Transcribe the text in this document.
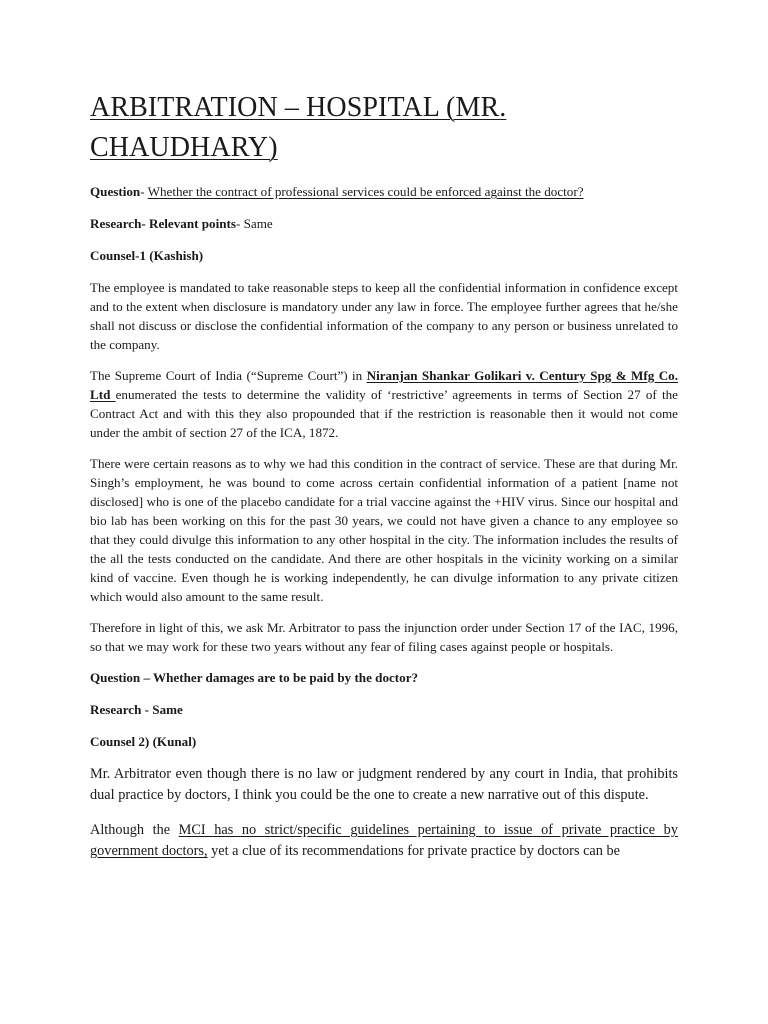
ARBITRATION – HOSPITAL (MR. CHAUDHARY)

Question- Whether the contract of professional services could be enforced against the doctor?

Research- Relevant points- Same

Counsel-1 (Kashish)

The employee is mandated to take reasonable steps to keep all the confidential information in confidence except and to the extent when disclosure is mandatory under any law in force. The employee further agrees that he/she shall not discuss or disclose the confidential information of the company to any person or business unrelated to the company.

The Supreme Court of India (“Supreme Court”) in Niranjan Shankar Golikari v. Century Spg & Mfg Co. Ltd enumerated the tests to determine the validity of ‘restrictive’ agreements in terms of Section 27 of the Contract Act and with this they also propounded that if the restriction is reasonable then it would not come under the ambit of section 27 of the ICA, 1872.

There were certain reasons as to why we had this condition in the contract of service. These are that during Mr. Singh’s employment, he was bound to come across certain confidential information of a patient [name not disclosed] who is one of the placebo candidate for a trial vaccine against the +HIV virus. Since our hospital and bio lab has been working on this for the past 30 years, we could not have given a chance to any employee so that they could divulge this information to any other hospital in the city. The information includes the results of the all the tests conducted on the candidate. And there are other hospitals in the vicinity working on a similar kind of vaccine. Even though he is working independently, he can divulge information to any private citizen which would also amount to the same result.

Therefore in light of this, we ask Mr. Arbitrator to pass the injunction order under Section 17 of the IAC, 1996, so that we may work for these two years without any fear of filing cases against people or hospitals.

Question – Whether damages are to be paid by the doctor?

Research - Same

Counsel 2) (Kunal)

Mr. Arbitrator even though there is no law or judgment rendered by any court in India, that prohibits dual practice by doctors, I think you could be the one to create a new narrative out of this dispute.

Although the MCI has no strict/specific guidelines pertaining to issue of private practice by government doctors, yet a clue of its recommendations for private practice by doctors can be
